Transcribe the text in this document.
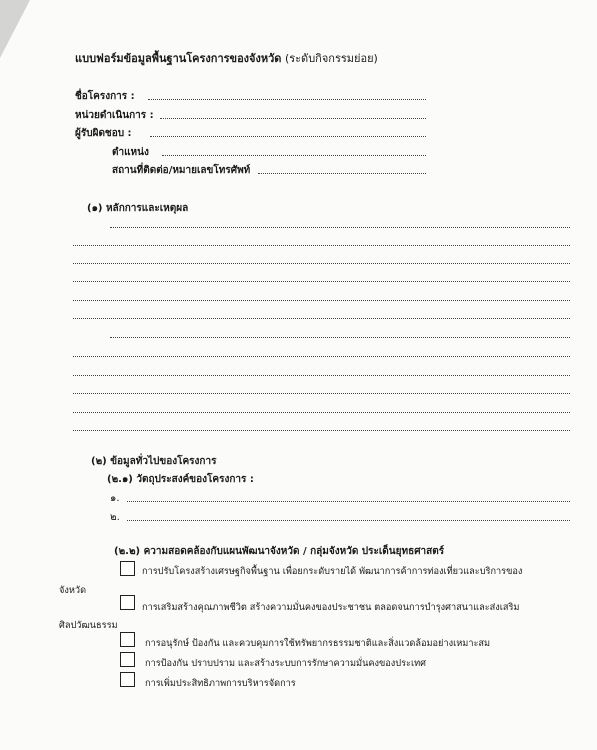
แบบฟอร์มข้อมูลพื้นฐานโครงการของจังหวัด (ระดับกิจกรรมย่อย)
ชื่อโครงการ :
หน่วยดำเนินการ :
ผู้รับผิดชอบ :
ตำแหน่ง
สถานที่ติดต่อ/หมายเลขโทรศัพท์
(๑) หลักการและเหตุผล
(๒) ข้อมูลทั่วไปของโครงการ
(๒.๑) วัตถุประสงค์ของโครงการ :
๑.
๒.
(๒.๒) ความสอดคล้องกับแผนพัฒนาจังหวัด / กลุ่มจังหวัด ประเด็นยุทธศาสตร์
การปรับโครงสร้างเศรษฐกิจพื้นฐาน เพื่อยกระดับรายได้ พัฒนาการค้าการท่องเที่ยวและบริการของ
จังหวัด
การเสริมสร้างคุณภาพชีวิต สร้างความมั่นคงของประชาชน ตลอดจนการบำรุงศาสนาและส่งเสริม
ศิลปวัฒนธรรม
การอนุรักษ์ ป้องกัน และควบคุมการใช้ทรัพยากรธรรมชาติและสิ่งแวดล้อมอย่างเหมาะสม
การป้องกัน ปราบปราม และสร้างระบบการรักษาความมั่นคงของประเทศ
การเพิ่มประสิทธิภาพการบริหารจัดการ
